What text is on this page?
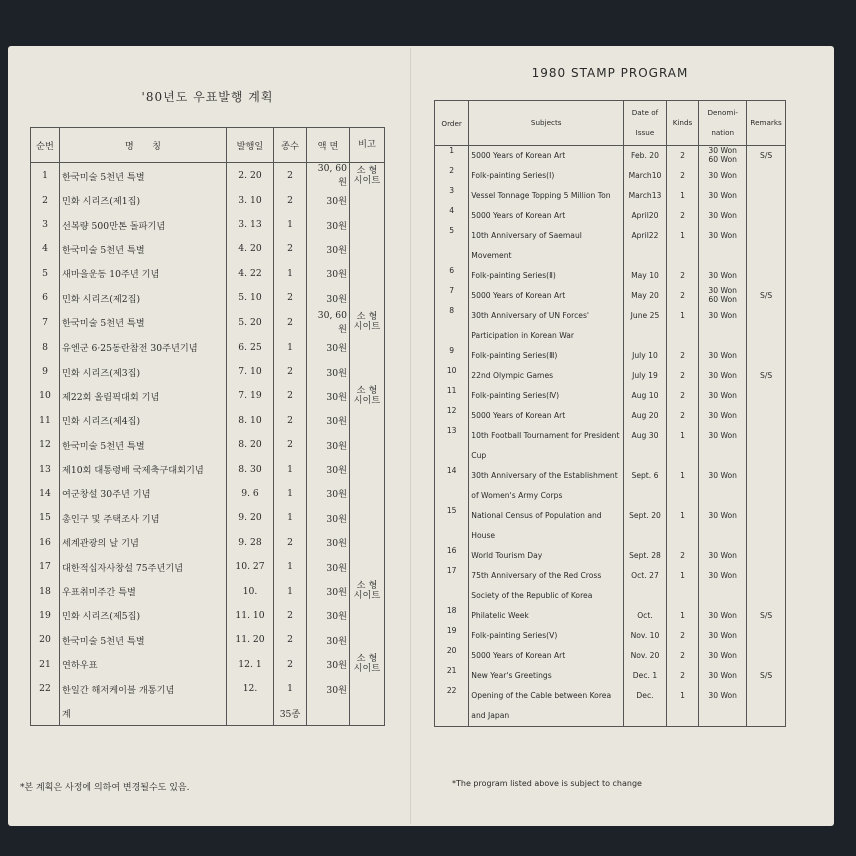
'80년도 우표발행 계획
순번	명　　칭	발행일	종수	액 면	비고
1	한국미술 5천년 특별	2. 20	2	30, 60원	소 형
시이트
2	민화 시리즈(제1집)	3. 10	2	30원	
3	선복량 500만톤 돌파기념	3. 13	1	30원	
4	한국미술 5천년 특별	4. 20	2	30원	
5	새마을운동 10주년 기념	4. 22	1	30원	
6	민화 시리즈(제2집)	5. 10	2	30원	
7	한국미술 5천년 특별	5. 20	2	30, 60원	소 형
시이트
8	유엔군 6·25동란참전 30주년기념	6. 25	1	30원	
9	민화 시리즈(제3집)	7. 10	2	30원	
10	제22회 올림픽대회 기념	7. 19	2	30원	소 형
시이트
11	민화 시리즈(제4집)	8. 10	2	30원	
12	한국미술 5천년 특별	8. 20	2	30원	
13	제10회 대통령배 국제축구대회기념	8. 30	1	30원	
14	여군창설 30주년 기념	9. 6	1	30원	
15	총인구 및 주택조사 기념	9. 20	1	30원	
16	세계관광의 날 기념	9. 28	2	30원	
17	대한적십자사창설 75주년기념	10. 27	1	30원	
18	우표취미주간 특별	10.	1	30원	소 형
시이트
19	민화 시리즈(제5집)	11. 10	2	30원	
20	한국미술 5천년 특별	11. 20	2	30원	
21	연하우표	12. 1	2	30원	소 형
시이트
22	한일간 해저케이블 개통기념	12.	1	30원	
	계		35종		
1980 STAMP PROGRAM
Order	Subjects	Date of Issue	Kinds	Denomi-nation	Remarks
1	5000 Years of Korean Art	Feb. 20	2	30 Won
60 Won	S/S
2	Folk-painting Series(Ⅰ)	March10	2	30 Won	
3	Vessel Tonnage Topping 5 Million Ton	March13	1	30 Won	
4	5000 Years of Korean Art	April20	2	30 Won	
5	10th Anniversary of Saemaul Movement	April22	1	30 Won	
6	Folk-painting Series(Ⅱ)	May 10	2	30 Won	
7	5000 Years of Korean Art	May 20	2	30 Won
60 Won	S/S
8	30th Anniversary of UN Forces' Participation in Korean War	June 25	1	30 Won	
9	Folk-painting Series(Ⅲ)	July 10	2	30 Won	
10	22nd Olympic Games	July 19	2	30 Won	S/S
11	Folk-painting Series(Ⅳ)	Aug 10	2	30 Won	
12	5000 Years of Korean Art	Aug 20	2	30 Won	
13	10th Football Tournament for President Cup	Aug 30	1	30 Won	
14	30th Anniversary of the Establishment of Women's Army Corps	Sept. 6	1	30 Won	
15	National Census of Population and House	Sept. 20	1	30 Won	
16	World Tourism Day	Sept. 28	2	30 Won	
17	75th Anniversary of the Red Cross Society of the Republic of Korea	Oct. 27	1	30 Won	
18	Philatelic Week	Oct.	1	30 Won	S/S
19	Folk-painting Series(Ⅴ)	Nov. 10	2	30 Won	
20	5000 Years of Korean Art	Nov. 20	2	30 Won	
21	New Year's Greetings	Dec. 1	2	30 Won	S/S
22	Opening of the Cable between Korea and Japan	Dec.	1	30 Won	
*본 계획은 사정에 의하여 변경될수도 있음.	*The program listed above is subject to change
